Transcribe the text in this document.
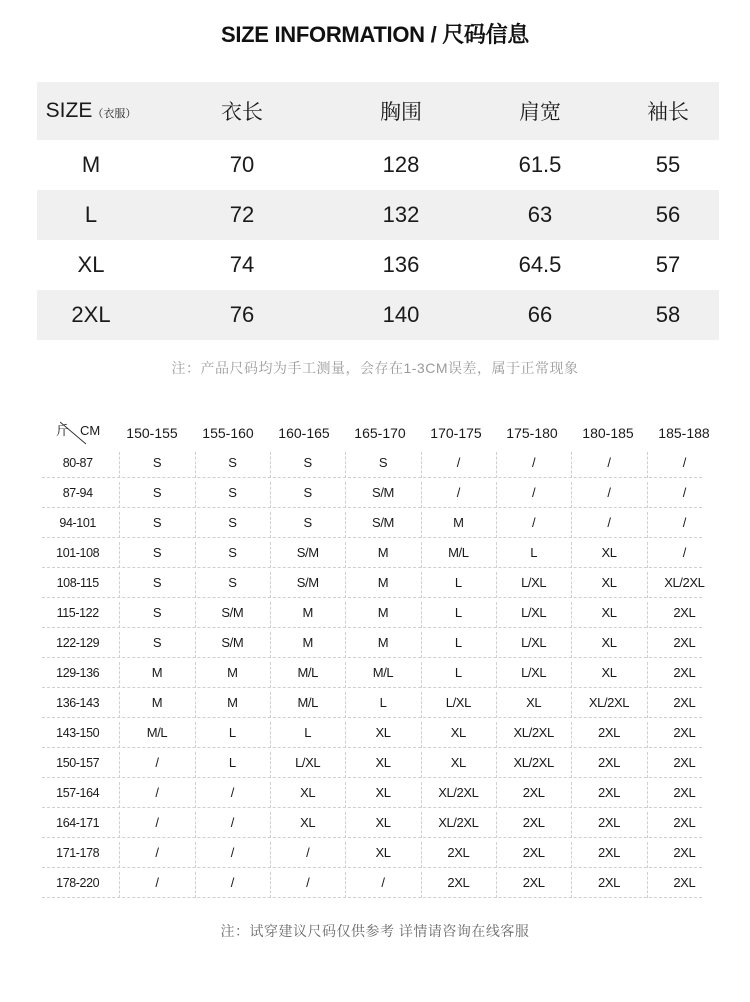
SIZE INFORMATION / 尺码信息
SIZE（衣服）	衣长	胸围	肩宽	袖长
M	70	128	61.5	55
L	72	132	63	56
XL	74	136	64.5	57
2XL	76	140	66	58
注：产品尺码均为手工测量，会存在1-3CM误差，属于正常现象
斤 CM	150-155	155-160	160-165	165-170	170-175	175-180	180-185	185-188
80-87	S	S	S	S	/	/	/	/
87-94	S	S	S	S/M	/	/	/	/
94-101	S	S	S	S/M	M	/	/	/
101-108	S	S	S/M	M	M/L	L	XL	/
108-115	S	S	S/M	M	L	L/XL	XL	XL/2XL
115-122	S	S/M	M	M	L	L/XL	XL	2XL
122-129	S	S/M	M	M	L	L/XL	XL	2XL
129-136	M	M	M/L	M/L	L	L/XL	XL	2XL
136-143	M	M	M/L	L	L/XL	XL	XL/2XL	2XL
143-150	M/L	L	L	XL	XL	XL/2XL	2XL	2XL
150-157	/	L	L/XL	XL	XL	XL/2XL	2XL	2XL
157-164	/	/	XL	XL	XL/2XL	2XL	2XL	2XL
164-171	/	/	XL	XL	XL/2XL	2XL	2XL	2XL
171-178	/	/	/	XL	2XL	2XL	2XL	2XL
178-220	/	/	/	/	2XL	2XL	2XL	2XL
注：试穿建议尺码仅供参考 详情请咨询在线客服
